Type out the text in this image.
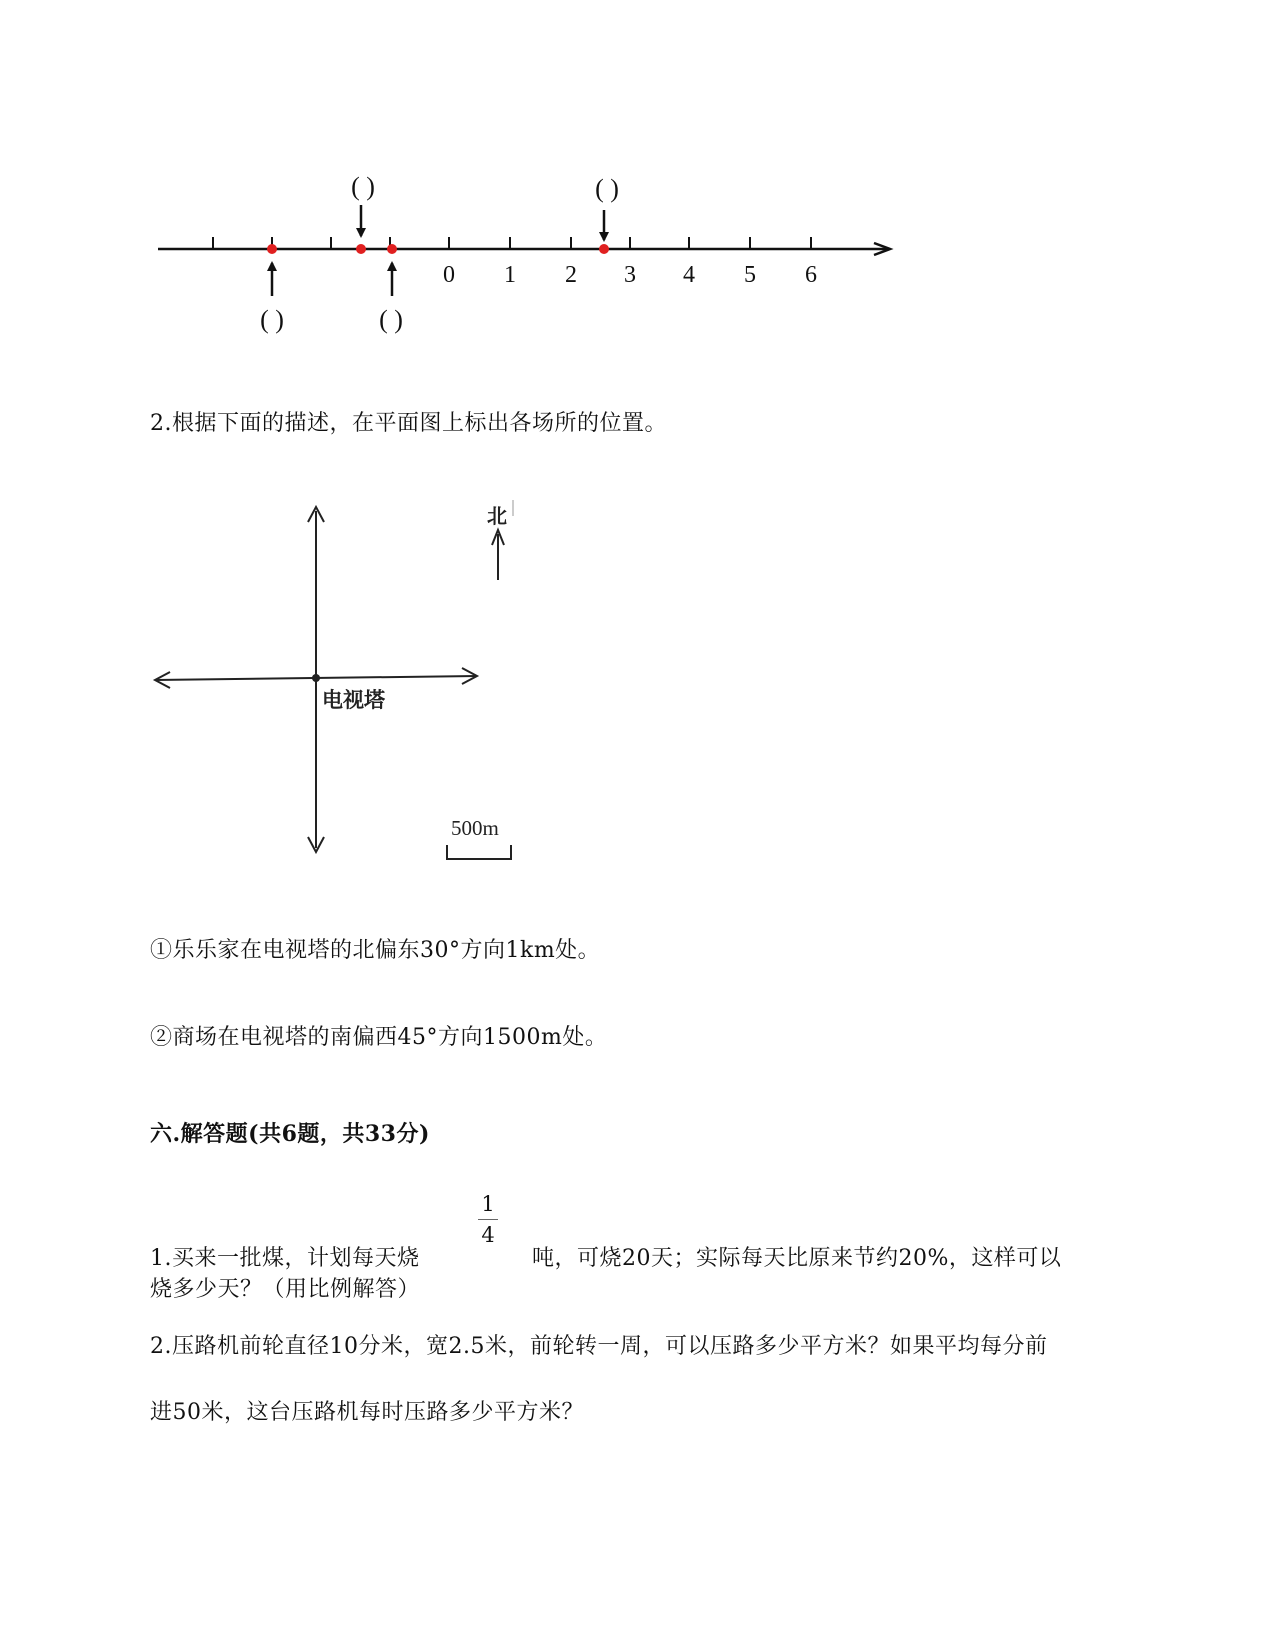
0 1 2 3 4 5 6
( )	( )
( )	( )
2.根据下面的描述，在平面图上标出各场所的位置。
电视塔
北
500m
①乐乐家在电视塔的北偏东30°方向1km处。
②商场在电视塔的南偏西45°方向1500m处。
六.解答题(共6题，共33分)
1.买来一批煤，计划每天烧
1
4
吨，可烧20天；实际每天比原来节约20%，这样可以
烧多少天？（用比例解答）
2.压路机前轮直径10分米，宽2.5米，前轮转一周，可以压路多少平方米？如果平均每分前
进50米，这台压路机每时压路多少平方米？
